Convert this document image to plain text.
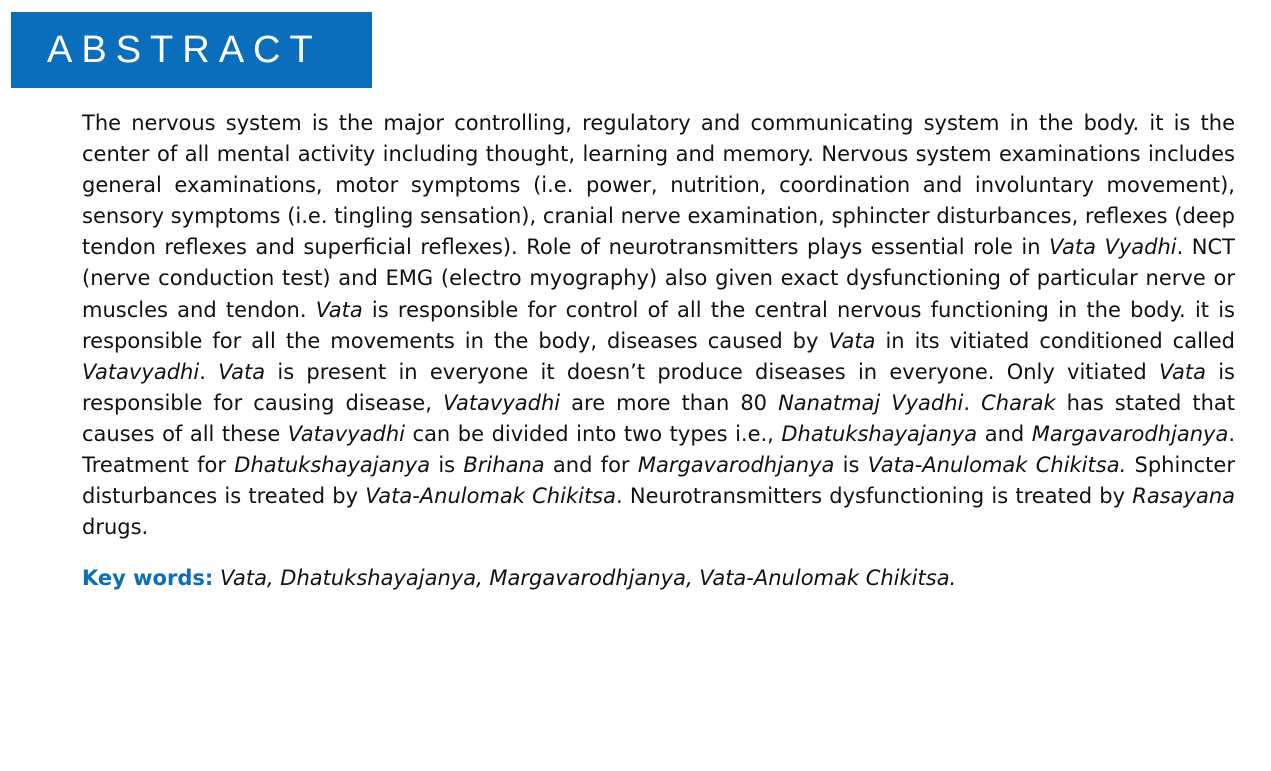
ABSTRACT

The nervous system is the major controlling, regulatory and communicating system in the body. it is the center of all mental activity including thought, learning and memory. Nervous system examinations includes general examinations, motor symptoms (i.e. power, nutrition, coordination and involuntary movement), sensory symptoms (i.e. tingling sensation), cranial nerve examination, sphincter disturbances, reflexes (deep tendon reflexes and superficial reflexes). Role of neurotransmitters plays essential role in Vata Vyadhi. NCT (nerve conduction test) and EMG (electro myography) also given exact dysfunctioning of particular nerve or muscles and tendon. Vata is responsible for control of all the central nervous functioning in the body. it is responsible for all the movements in the body, diseases caused by Vata in its vitiated conditioned called Vatavyadhi. Vata is present in everyone it doesn’t produce diseases in everyone. Only vitiated Vata is responsible for causing disease, Vatavyadhi are more than 80 Nanatmaj Vyadhi. Charak has stated that causes of all these Vatavyadhi can be divided into two types i.e., Dhatukshayajanya and Margavarodhjanya. Treatment for Dhatukshayajanya is Brihana and for Margavarodhjanya is Vata-Anulomak Chikitsa. Sphincter disturbances is treated by Vata-Anulomak Chikitsa. Neurotransmitters dysfunctioning is treated by Rasayana drugs.

Key words: Vata, Dhatukshayajanya, Margavarodhjanya, Vata-Anulomak Chikitsa.
